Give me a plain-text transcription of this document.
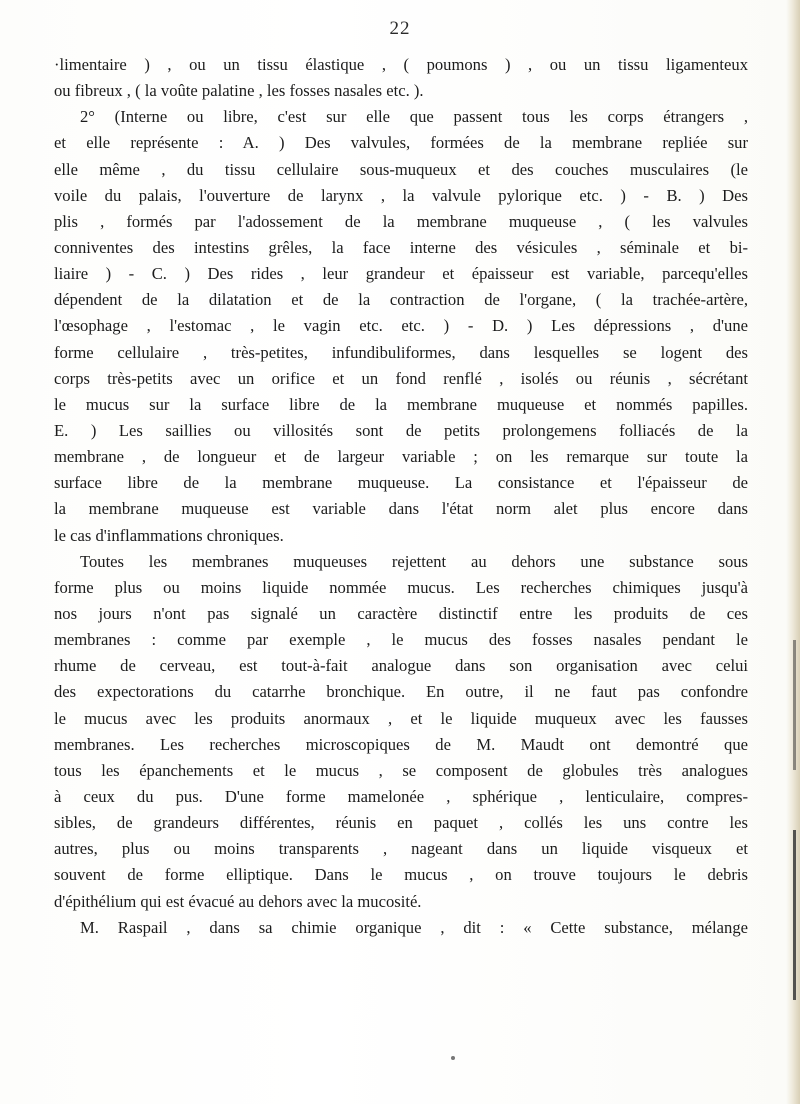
22
·limentaire ) , ou un tissu élastique , ( poumons ) , ou un tissu ligamenteux
ou fibreux , ( la voûte palatine , les fosses nasales etc. ).
2° (Interne ou libre, c'est sur elle que passent tous les corps étrangers ,
et elle représente : A. ) Des valvules, formées de la membrane repliée sur
elle même , du tissu cellulaire sous-muqueux et des couches musculaires (le
voile du palais, l'ouverture de larynx , la valvule pylorique etc. ) - B. ) Des
plis , formés par l'adossement de la membrane muqueuse , ( les valvules
conniventes des intestins grêles, la face interne des vésicules , séminale et bi-
liaire ) - C. ) Des rides , leur grandeur et épaisseur est variable, parcequ'elles
dépendent de la dilatation et de la contraction de l'organe, ( la trachée-artère,
l'œsophage , l'estomac , le vagin etc. etc. ) - D. ) Les dépressions , d'une
forme cellulaire , très-petites, infundibuliformes, dans lesquelles se logent des
corps très-petits avec un orifice et un fond renflé , isolés ou réunis , sécrétant
le mucus sur la surface libre de la membrane muqueuse et nommés papilles.
E. ) Les saillies ou villosités sont de petits prolongemens folliacés de la
membrane , de longueur et de largeur variable ; on les remarque sur toute la
surface libre de la membrane muqueuse. La consistance et l'épaisseur de
la membrane muqueuse est variable dans l'état norm alet plus encore dans
le cas d'inflammations chroniques.
Toutes les membranes muqueuses rejettent au dehors une substance sous
forme plus ou moins liquide nommée mucus. Les recherches chimiques jusqu'à
nos jours n'ont pas signalé un caractère distinctif entre les produits de ces
membranes : comme par exemple , le mucus des fosses nasales pendant le
rhume de cerveau, est tout-à-fait analogue dans son organisation avec celui
des expectorations du catarrhe bronchique. En outre, il ne faut pas confondre
le mucus avec les produits anormaux , et le liquide muqueux avec les fausses
membranes. Les recherches microscopiques de M. Maudt ont demontré que
tous les épanchements et le mucus , se composent de globules très analogues
à ceux du pus. D'une forme mamelonée , sphérique , lenticulaire, compres-
sibles, de grandeurs différentes, réunis en paquet , collés les uns contre les
autres, plus ou moins transparents , nageant dans un liquide visqueux et
souvent de forme elliptique. Dans le mucus , on trouve toujours le debris
d'épithélium qui est évacué au dehors avec la mucosité.
M. Raspail , dans sa chimie organique , dit : « Cette substance, mélange
